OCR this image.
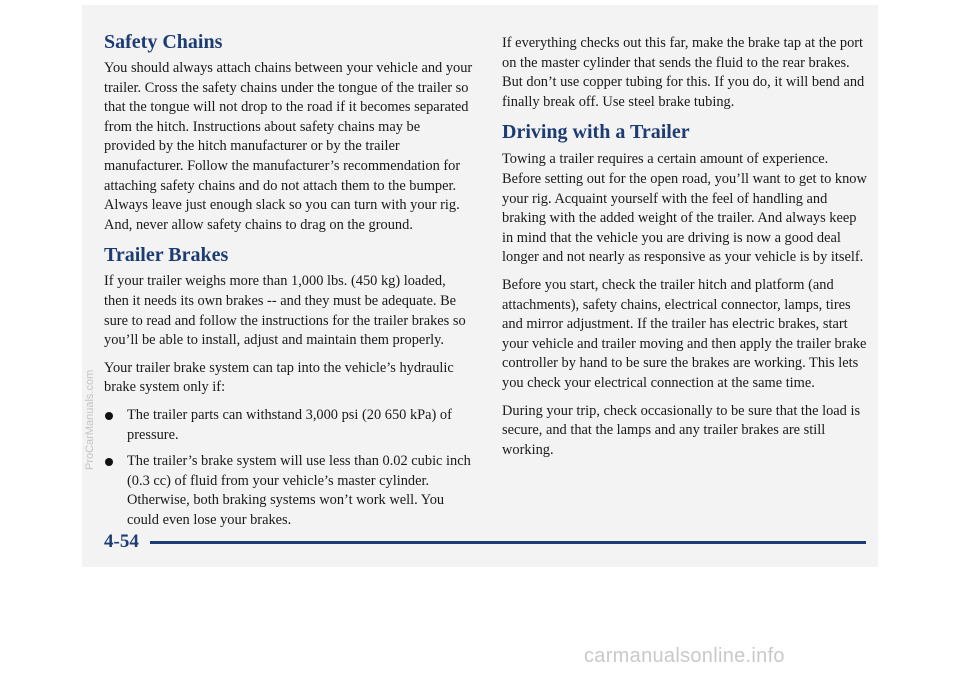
Safety Chains

You should always attach chains between your vehicle and your trailer. Cross the safety chains under the tongue of the trailer so that the tongue will not drop to the road if it becomes separated from the hitch. Instructions about safety chains may be provided by the hitch manufacturer or by the trailer manufacturer. Follow the manufacturer’s recommendation for attaching safety chains and do not attach them to the bumper. Always leave just enough slack so you can turn with your rig. And, never allow safety chains to drag on the ground.

Trailer Brakes

If your trailer weighs more than 1,000 lbs. (450 kg) loaded, then it needs its own brakes -- and they must be adequate. Be sure to read and follow the instructions for the trailer brakes so you’ll be able to install, adjust and maintain them properly.

Your trailer brake system can tap into the vehicle’s hydraulic brake system only if:

The trailer parts can withstand 3,000 psi (20 650 kPa) of pressure.
The trailer’s brake system will use less than 0.02 cubic inch (0.3 cc) of fluid from your vehicle’s master cylinder. Otherwise, both braking systems won’t work well. You could even lose your brakes.

If everything checks out this far, make the brake tap at the port on the master cylinder that sends the fluid to the rear brakes. But don’t use copper tubing for this. If you do, it will bend and finally break off. Use steel brake tubing.

Driving with a Trailer

Towing a trailer requires a certain amount of experience. Before setting out for the open road, you’ll want to get to know your rig. Acquaint yourself with the feel of handling and braking with the added weight of the trailer. And always keep in mind that the vehicle you are driving is now a good deal longer and not nearly as responsive as your vehicle is by itself.

Before you start, check the trailer hitch and platform (and attachments), safety chains, electrical connector, lamps, tires and mirror adjustment. If the trailer has electric brakes, start your vehicle and trailer moving and then apply the trailer brake controller by hand to be sure the brakes are working. This lets you check your electrical connection at the same time.

During your trip, check occasionally to be sure that the load is secure, and that the lamps and any trailer brakes are still working.

4-54
ProCarManuals.com
carmanualsonline.info
